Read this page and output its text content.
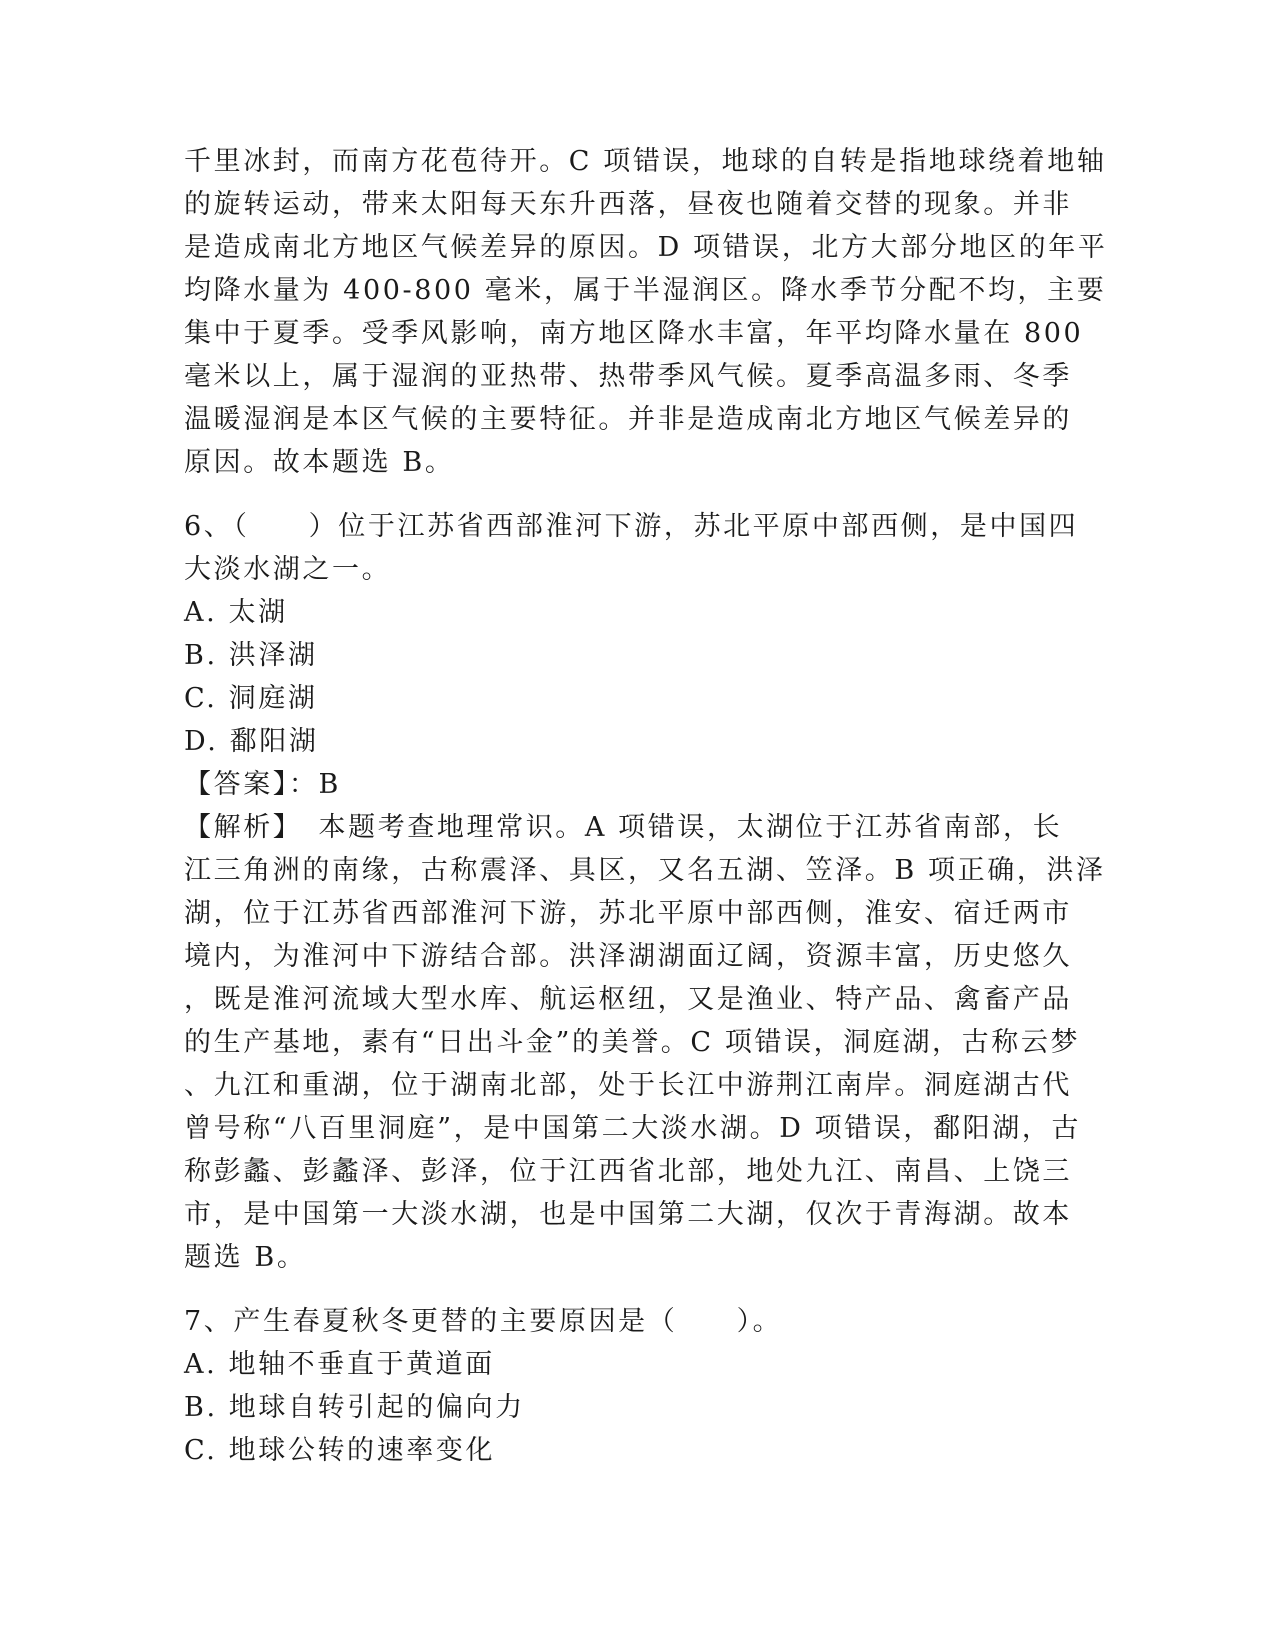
千里冰封，而南方花苞待开。C 项错误，地球的自转是指地球绕着地轴
的旋转运动，带来太阳每天东升西落，昼夜也随着交替的现象。并非
是造成南北方地区气候差异的原因。D 项错误，北方大部分地区的年平
均降水量为 400-800 毫米，属于半湿润区。降水季节分配不均，主要
集中于夏季。受季风影响，南方地区降水丰富，年平均降水量在 800
毫米以上，属于湿润的亚热带、热带季风气候。夏季高温多雨、冬季
温暖湿润是本区气候的主要特征。并非是造成南北方地区气候差异的
原因。故本题选 B。
6、（　　）位于江苏省西部淮河下游，苏北平原中部西侧，是中国四
大淡水湖之一。
A. 太湖
B. 洪泽湖
C. 洞庭湖
D. 鄱阳湖
【答案】：B
【解析】　本题考查地理常识。A 项错误，太湖位于江苏省南部，长
江三角洲的南缘，古称震泽、具区，又名五湖、笠泽。B 项正确，洪泽
湖，位于江苏省西部淮河下游，苏北平原中部西侧，淮安、宿迁两市
境内，为淮河中下游结合部。洪泽湖湖面辽阔，资源丰富，历史悠久
，既是淮河流域大型水库、航运枢纽，又是渔业、特产品、禽畜产品
的生产基地，素有“日出斗金”的美誉。C 项错误，洞庭湖，古称云梦
、九江和重湖，位于湖南北部，处于长江中游荆江南岸。洞庭湖古代
曾号称“八百里洞庭”，是中国第二大淡水湖。D 项错误，鄱阳湖，古
称彭蠡、彭蠡泽、彭泽，位于江西省北部，地处九江、南昌、上饶三
市，是中国第一大淡水湖，也是中国第二大湖，仅次于青海湖。故本
题选 B。
7、产生春夏秋冬更替的主要原因是（　　）。
A. 地轴不垂直于黄道面
B. 地球自转引起的偏向力
C. 地球公转的速率变化
